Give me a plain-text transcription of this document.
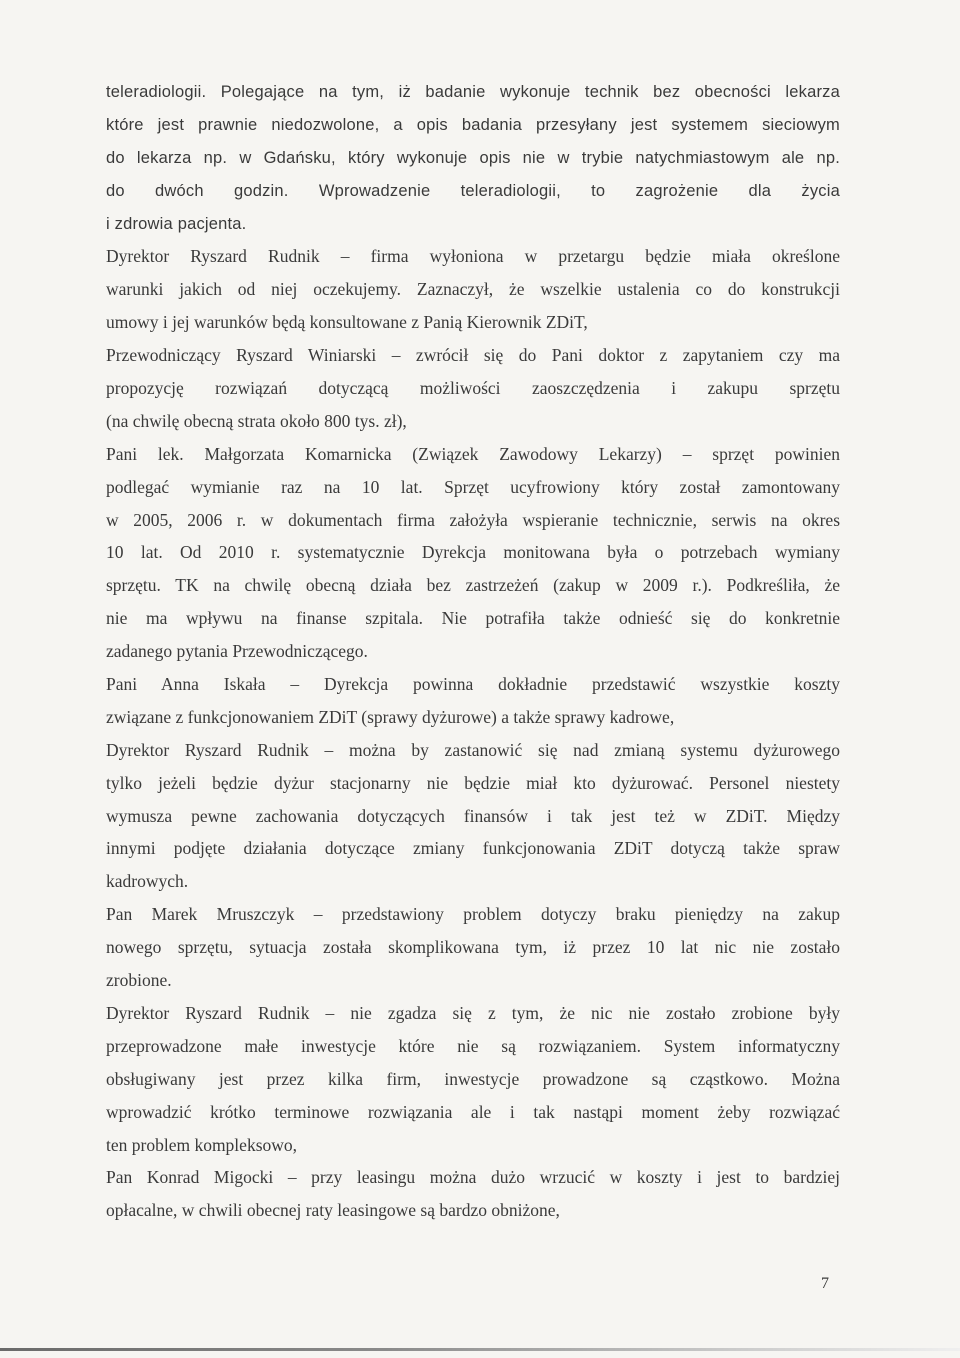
teleradiologii. Polegające na tym, iż badanie wykonuje technik bez obecności lekarza
które jest prawnie niedozwolone, a opis badania przesyłany jest systemem sieciowym
do lekarza np. w Gdańsku, który wykonuje opis nie w trybie natychmiastowym ale np.
do dwóch godzin. Wprowadzenie teleradiologii, to zagrożenie dla życia
i zdrowia pacjenta.
Dyrektor Ryszard Rudnik – firma wyłoniona w przetargu będzie miała określone
warunki jakich od niej oczekujemy. Zaznaczył, że wszelkie ustalenia co do konstrukcji
umowy i jej warunków będą konsultowane z Panią Kierownik ZDiT,
Przewodniczący Ryszard Winiarski – zwrócił się do Pani doktor z zapytaniem czy ma
propozycję rozwiązań dotyczącą możliwości zaoszczędzenia i zakupu sprzętu
(na chwilę obecną strata około 800 tys. zł),
Pani lek. Małgorzata Komarnicka (Związek Zawodowy Lekarzy) – sprzęt powinien
podlegać wymianie raz na 10 lat. Sprzęt ucyfrowiony który został zamontowany
w 2005, 2006 r. w dokumentach firma założyła wspieranie technicznie, serwis na okres
10 lat. Od 2010 r. systematycznie Dyrekcja monitowana była o potrzebach wymiany
sprzętu. TK na chwilę obecną działa bez zastrzeżeń (zakup w 2009 r.). Podkreśliła, że
nie ma wpływu na finanse szpitala. Nie potrafiła także odnieść się do konkretnie
zadanego pytania Przewodniczącego.
Pani Anna Iskała – Dyrekcja powinna dokładnie przedstawić wszystkie koszty
związane z funkcjonowaniem ZDiT (sprawy dyżurowe) a także sprawy kadrowe,
Dyrektor Ryszard Rudnik – można by zastanowić się nad zmianą systemu dyżurowego
tylko jeżeli będzie dyżur stacjonarny nie będzie miał kto dyżurować. Personel niestety
wymusza pewne zachowania dotyczących finansów i tak jest też w ZDiT. Między
innymi podjęte działania dotyczące zmiany funkcjonowania ZDiT dotyczą także spraw
kadrowych.
Pan Marek Mruszczyk – przedstawiony problem dotyczy braku pieniędzy na zakup
nowego sprzętu, sytuacja została skomplikowana tym, iż przez 10 lat nic nie zostało
zrobione.
Dyrektor Ryszard Rudnik – nie zgadza się z tym, że nic nie zostało zrobione były
przeprowadzone małe inwestycje które nie są rozwiązaniem. System informatyczny
obsługiwany jest przez kilka firm, inwestycje prowadzone są cząstkowo. Można
wprowadzić krótko terminowe rozwiązania ale i tak nastąpi moment żeby rozwiązać
ten problem kompleksowo,
Pan Konrad Migocki – przy leasingu można dużo wrzucić w koszty i jest to bardziej
opłacalne, w chwili obecnej raty leasingowe są bardzo obniżone,
7
